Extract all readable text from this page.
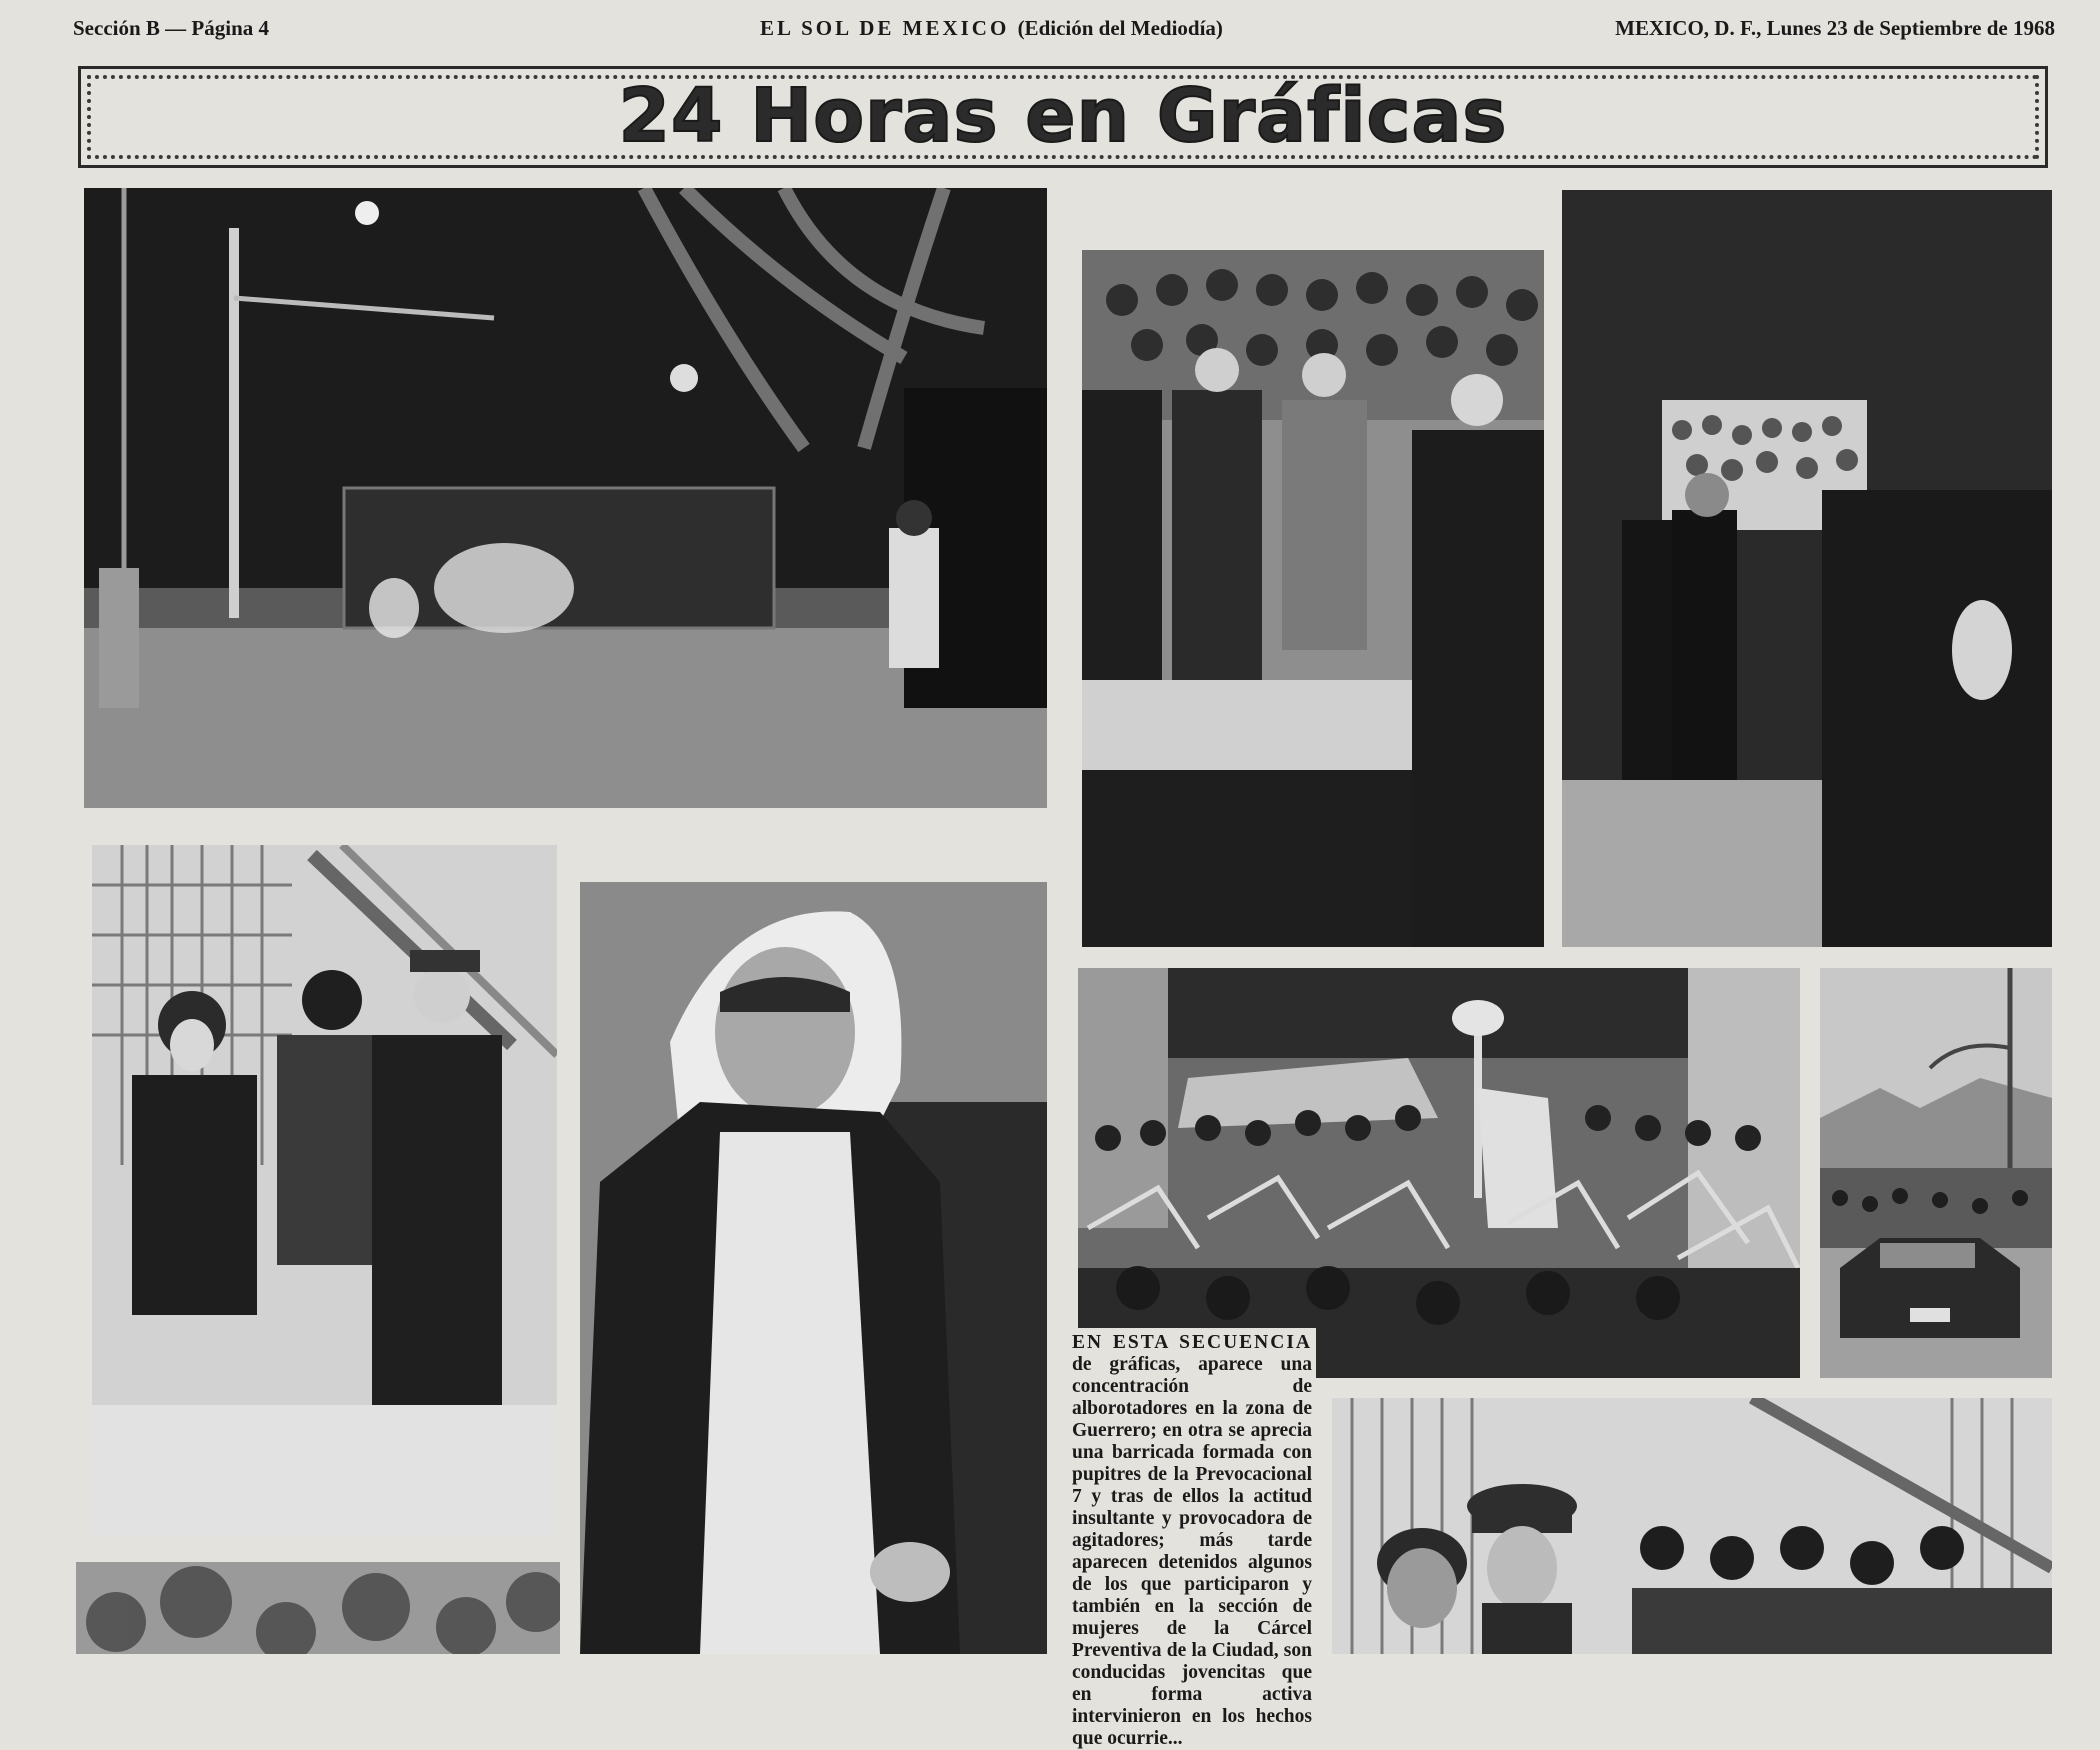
Sección B — Página 4	EL SOL DE MEXICO (Edición del Mediodía)	MEXICO, D. F., Lunes 23 de Septiembre de 1968
24 Horas en Gráficas
EN ESTA SECUENCIA de gráficas, aparece una concentración de alborotadores en la zona de Guerrero; en otra se aprecia una barricada formada con pupitres de la Prevocacional 7 y tras de ellos la actitud insultante y provocadora de agitadores; más tarde aparecen detenidos algunos de los que participaron y también en la sección de mujeres de la Cárcel Preventiva de la Ciudad, son conducidas jovencitas que en forma activa intervinieron en los hechos que ocurrie...
